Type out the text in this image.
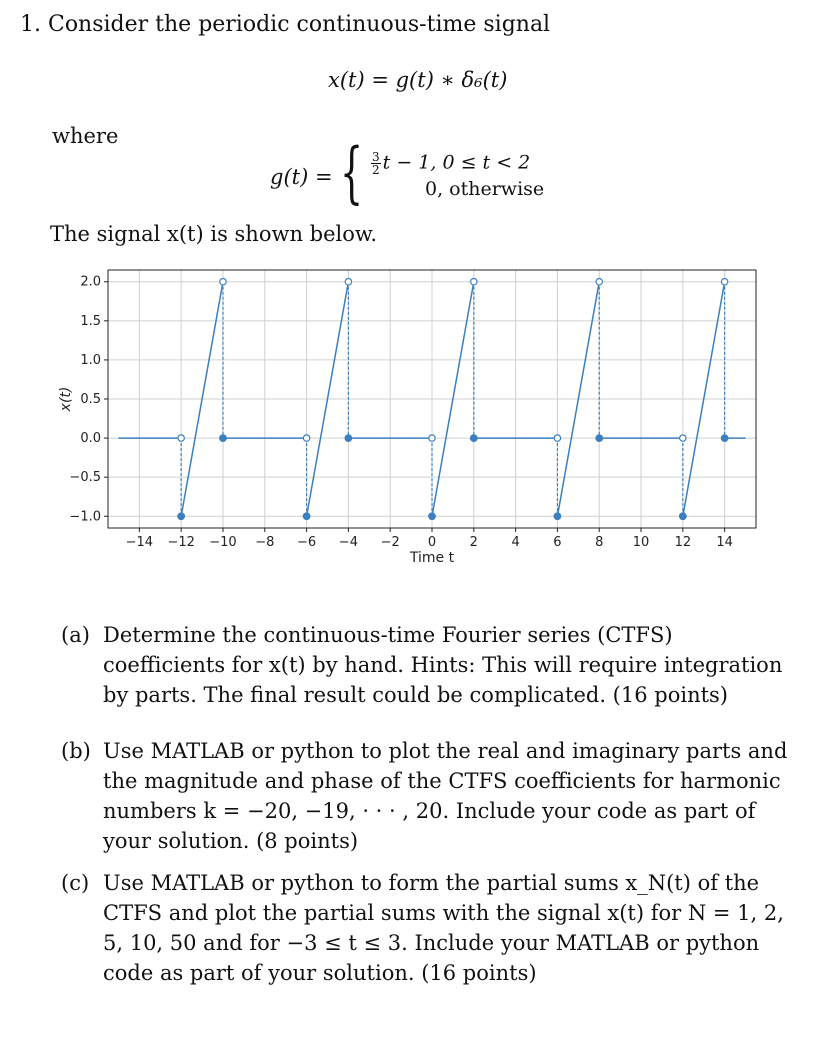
1. Consider the periodic continuous-time signal
x(t) = g(t) ∗ δ₆(t)
where
g(t) = { $\frac{3}{2}$ t − 1, 0 ≤ t < 2
0, otherwise
The signal x(t) is shown below.
−14 −12 −10 −8 −6 −4 −2 0	2	4	6	8 10 12 14
−1.0
−0.5
0.0
0.5
1.0
1.5
2.0
Time t
x(t)
(a) Determine the continuous-time Fourier series (CTFS) coefficients for x(t) by hand. Hints: This will require integration by parts. The final result could be complicated. (16 points)
(b) Use MATLAB or python to plot the real and imaginary parts and the magnitude and phase of the CTFS coefficients for harmonic numbers k = −20, −19, · · · , 20. Include your code as part of your solution. (8 points)
(c) Use MATLAB or python to form the partial sums x_N(t) of the CTFS and plot the partial sums with the signal x(t) for N = 1, 2, 5, 10, 50 and for −3 ≤ t ≤ 3. Include your MATLAB or python code as part of your solution. (16 points)
